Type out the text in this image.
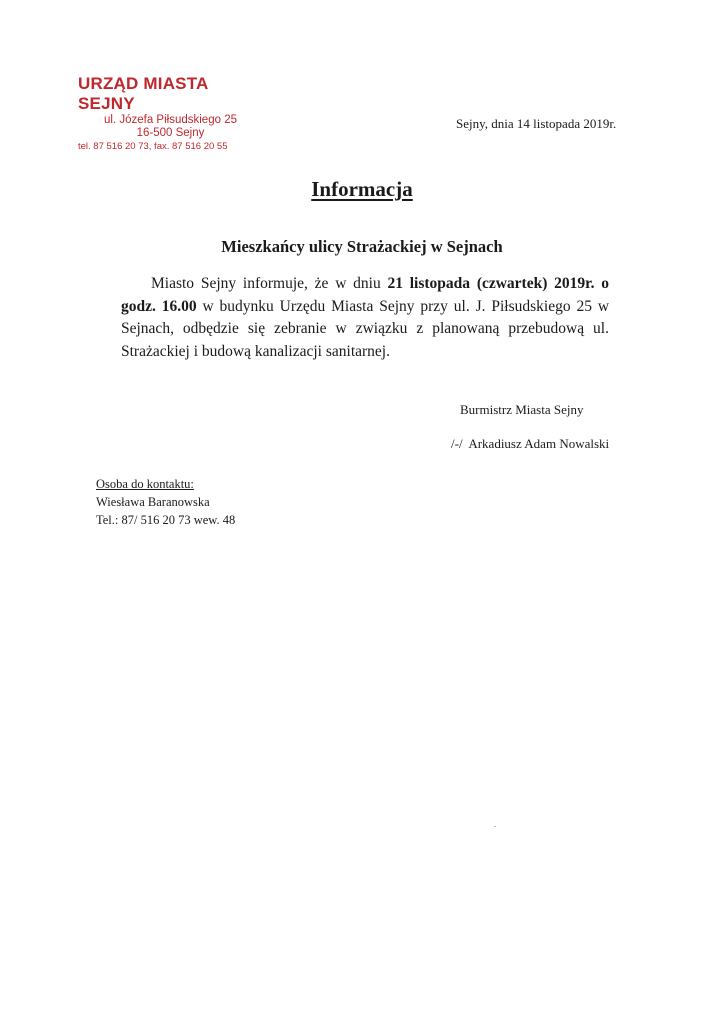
URZĄD MIASTA SEJNY
ul. Józefa Piłsudskiego 25
16-500 Sejny
tel. 87 516 20 73, fax. 87 516 20 55
Sejny, dnia 14 listopada 2019r.
Informacja
Mieszkańcy ulicy Strażackiej w Sejnach
Miasto Sejny informuje, że w dniu 21 listopada (czwartek) 2019r. o godz. 16.00 w budynku Urzędu Miasta Sejny przy ul. J. Piłsudskiego 25 w Sejnach, odbędzie się zebranie w związku z planowaną przebudową ul. Strażackiej i budową kanalizacji sanitarnej.
Burmistrz Miasta Sejny
/-/  Arkadiusz Adam Nowalski
Osoba do kontaktu:
Wiesława Baranowska
Tel.: 87/ 516 20 73 wew. 48
